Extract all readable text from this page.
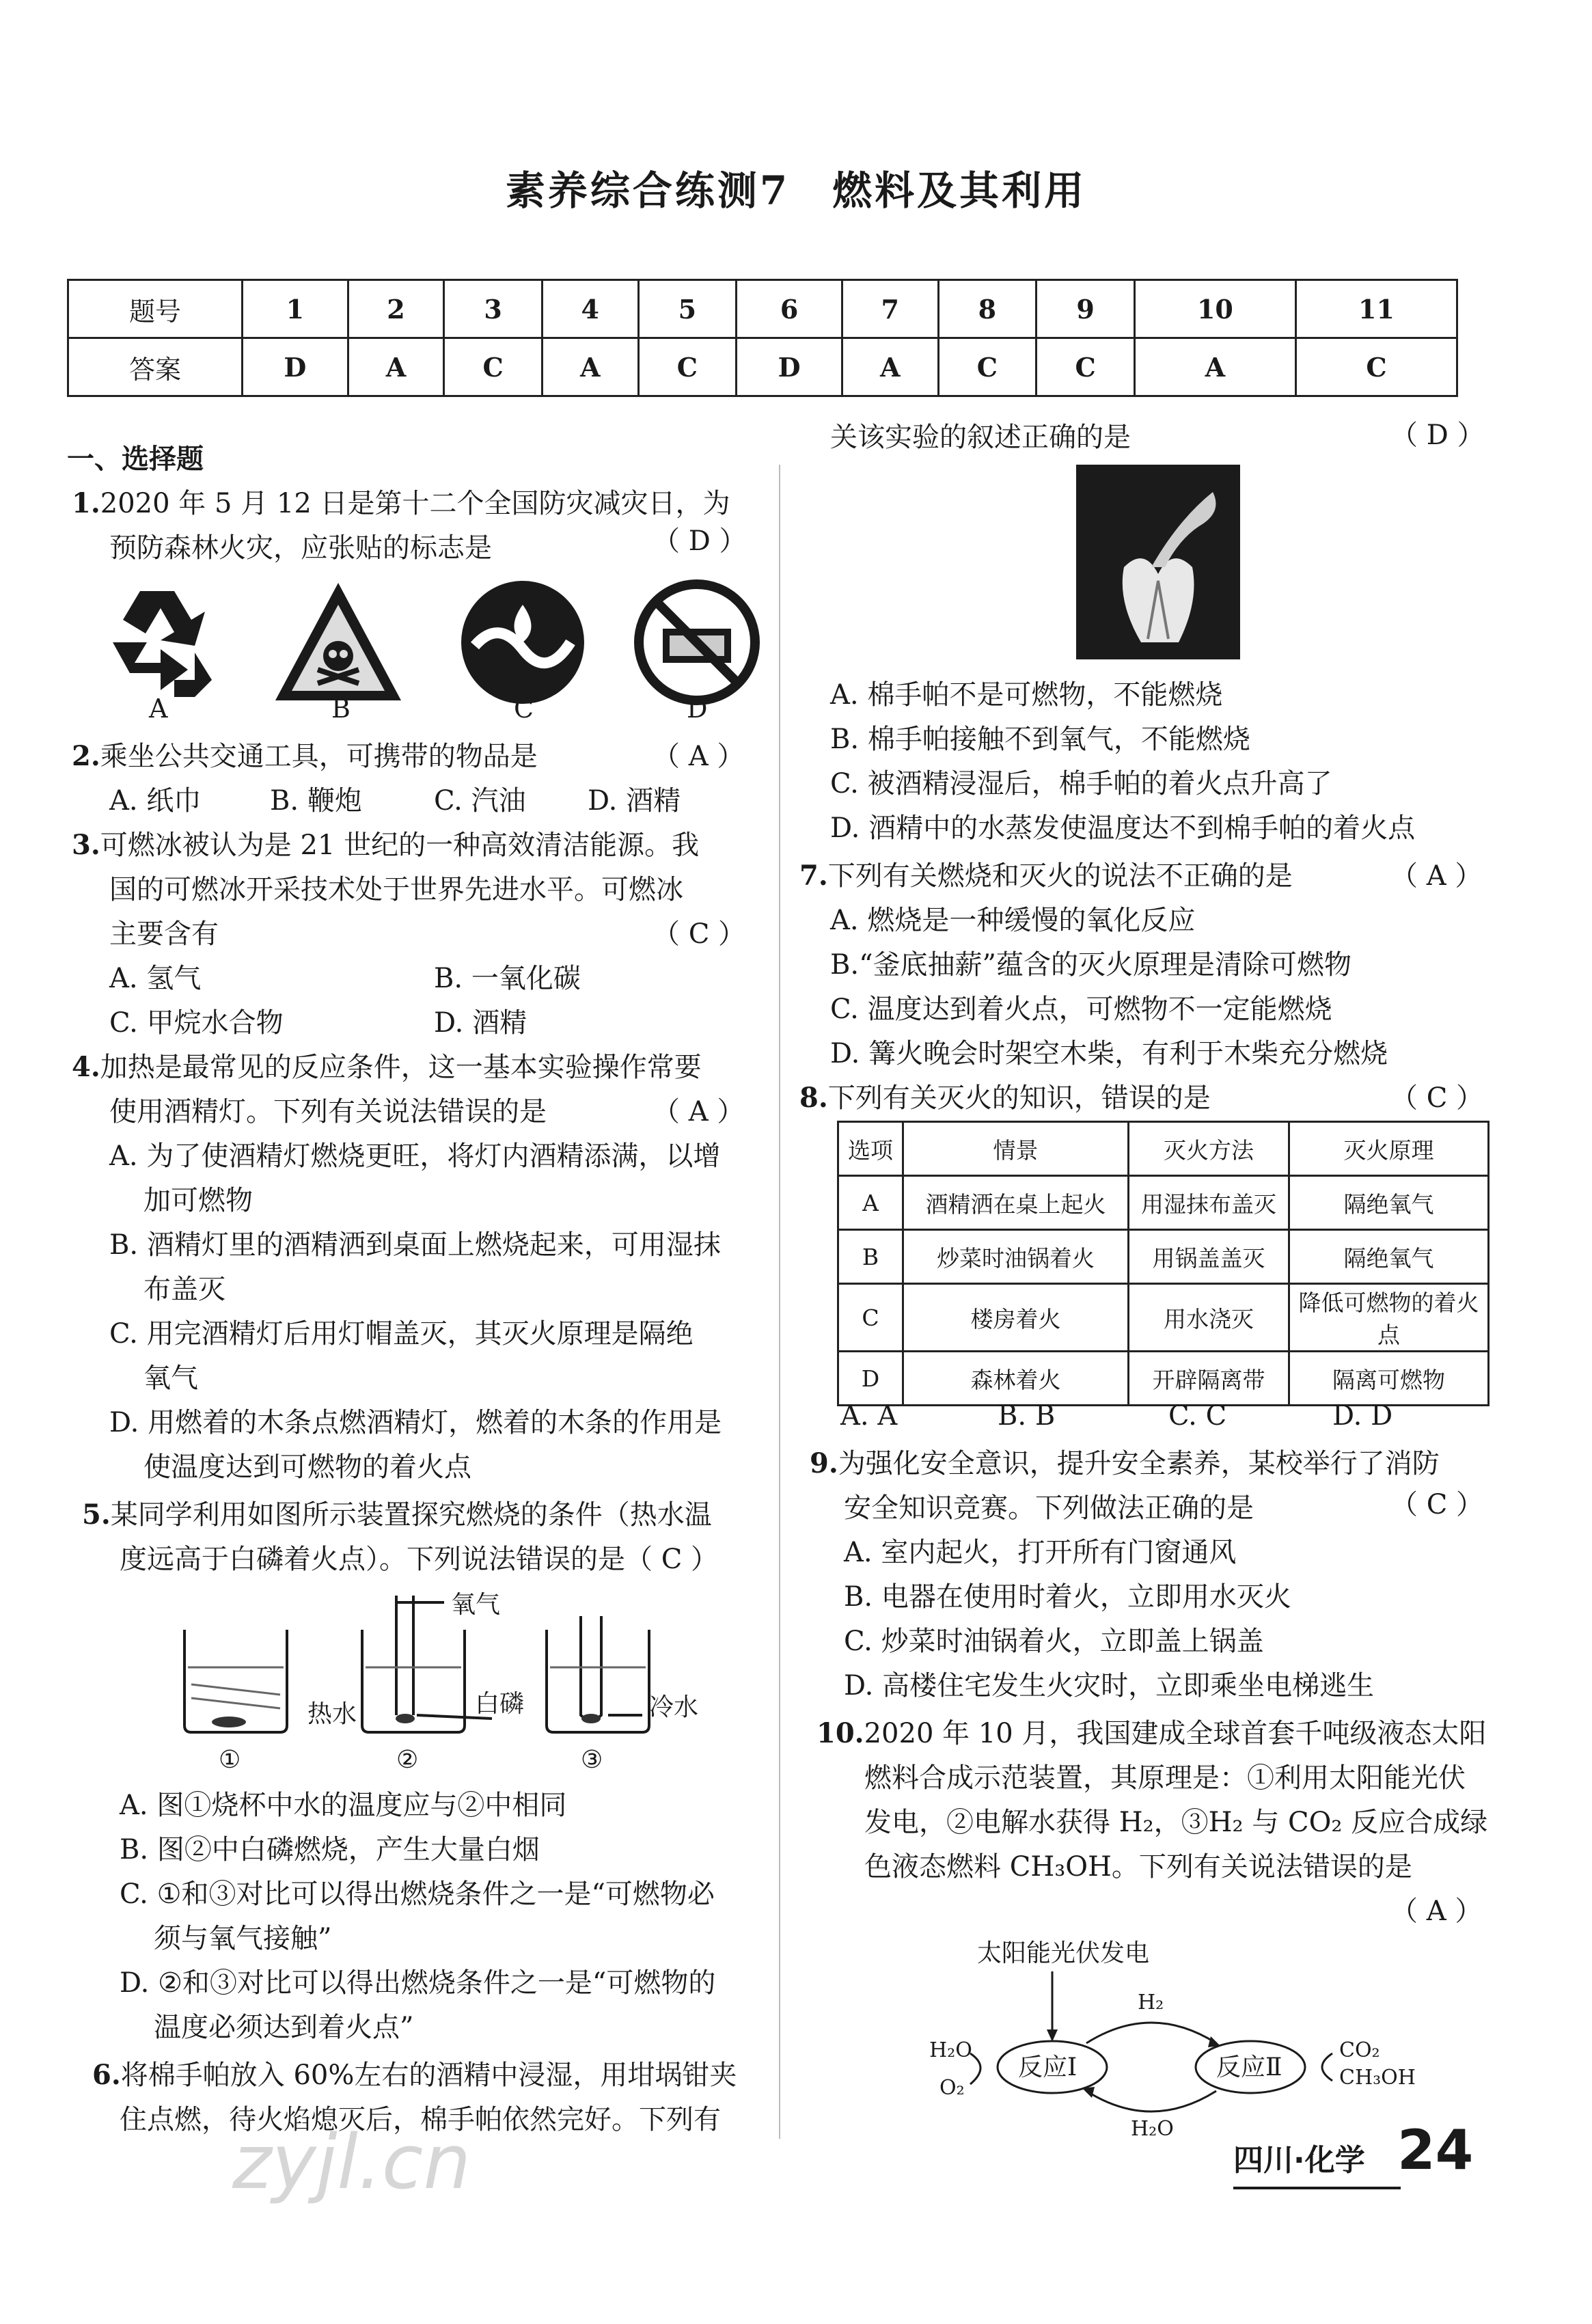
素养综合练测7　燃料及其利用
题号	1	2	3	4	5	6	7	8	9	10	11
答案	D	A	C	A	C	D	A	C	C	A	C
一、选择题
1.2020 年 5 月 12 日是第十二个全国防灾减灾日，为
预防森林火灾，应张贴的标志是	（ D ）
A	B	C	D
2.乘坐公共交通工具，可携带的物品是	（ A ）
A. 纸巾	B. 鞭炮	C. 汽油 D. 酒精
3.可燃冰被认为是 21 世纪的一种高效清洁能源。我
国的可燃冰开采技术处于世界先进水平。可燃冰
主要含有	（ C ）
A. 氢气	B. 一氧化碳
C. 甲烷水合物	D. 酒精
4.加热是最常见的反应条件，这一基本实验操作常要
使用酒精灯。下列有关说法错误的是	（ A ）
A. 为了使酒精灯燃烧更旺，将灯内酒精添满，以增
加可燃物
B. 酒精灯里的酒精洒到桌面上燃烧起来，可用湿抹
布盖灭
C. 用完酒精灯后用灯帽盖灭，其灭火原理是隔绝
氧气
D. 用燃着的木条点燃酒精灯，燃着的木条的作用是
使温度达到可燃物的着火点
5.某同学利用如图所示装置探究燃烧的条件（热水温
度远高于白磷着火点）。下列说法错误的是（ C ）
氧气
热水	白磷	冷水
①	②	③
A. 图①烧杯中水的温度应与②中相同
B. 图②中白磷燃烧，产生大量白烟
C. ①和③对比可以得出燃烧条件之一是“可燃物必
须与氧气接触”
D. ②和③对比可以得出燃烧条件之一是“可燃物的
温度必须达到着火点”
6.将棉手帕放入 60%左右的酒精中浸湿，用坩埚钳夹
住点燃，待火焰熄灭后，棉手帕依然完好。下列有
关该实验的叙述正确的是	（ D ）
A. 棉手帕不是可燃物，不能燃烧
B. 棉手帕接触不到氧气，不能燃烧
C. 被酒精浸湿后，棉手帕的着火点升高了
D. 酒精中的水蒸发使温度达不到棉手帕的着火点
7.下列有关燃烧和灭火的说法不正确的是	（ A ）
A. 燃烧是一种缓慢的氧化反应
B.“釜底抽薪”蕴含的灭火原理是清除可燃物
C. 温度达到着火点，可燃物不一定能燃烧
D. 篝火晚会时架空木柴，有利于木柴充分燃烧
8.下列有关灭火的知识，错误的是	（ C ）
选项	情景	灭火方法	灭火原理
A	酒精洒在桌上起火	用湿抹布盖灭	隔绝氧气
B	炒菜时油锅着火	用锅盖盖灭	隔绝氧气
C	楼房着火	用水浇灭	降低可燃物的着火点
D	森林着火	开辟隔离带	隔离可燃物
A. A	B. B	C. C	D. D
9.为强化安全意识，提升安全素养，某校举行了消防
安全知识竞赛。下列做法正确的是	（ C ）
A. 室内起火，打开所有门窗通风
B. 电器在使用时着火，立即用水灭火
C. 炒菜时油锅着火，立即盖上锅盖
D. 高楼住宅发生火灾时，立即乘坐电梯逃生
10.2020 年 10 月，我国建成全球首套千吨级液态太阳
燃料合成示范装置，其原理是：①利用太阳能光伏
发电，②电解水获得 H₂，③H₂ 与 CO₂ 反应合成绿
色液态燃料 CH₃OH。下列有关说法错误的是
（ A ）
太阳能光伏发电
反应Ⅰ	反应Ⅱ
H₂
H₂O
H₂O
O₂
CO₂
CH₃OH
四川·化学 24
zyjl.cn
